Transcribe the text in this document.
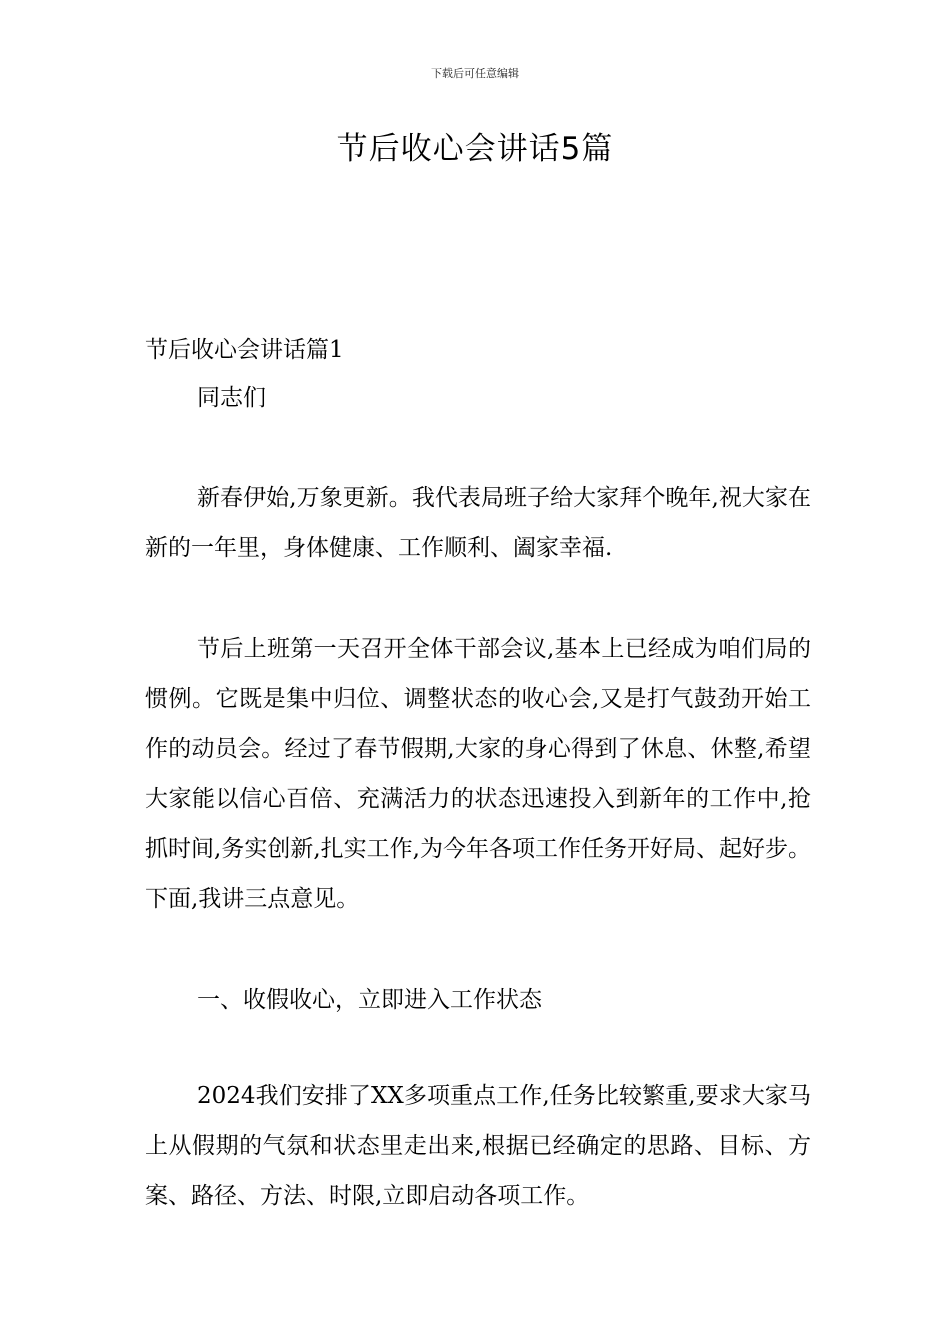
下载后可任意编辑
节后收心会讲话5篇
节后收心会讲话篇1
同志们

新春伊始,万象更新。我代表局班子给大家拜个晚年,祝大家在新的一年里，身体健康、工作顺利、阖家幸福.

节后上班第一天召开全体干部会议,基本上已经成为咱们局的惯例。它既是集中归位、调整状态的收心会,又是打气鼓劲开始工作的动员会。经过了春节假期,大家的身心得到了休息、休整,希望大家能以信心百倍、充满活力的状态迅速投入到新年的工作中,抢抓时间,务实创新,扎实工作,为今年各项工作任务开好局、起好步。下面,我讲三点意见。

一、收假收心，立即进入工作状态

2024我们安排了XX多项重点工作,任务比较繁重,要求大家马上从假期的气氛和状态里走出来,根据已经确定的思路、目标、方案、路径、方法、时限,立即启动各项工作。
